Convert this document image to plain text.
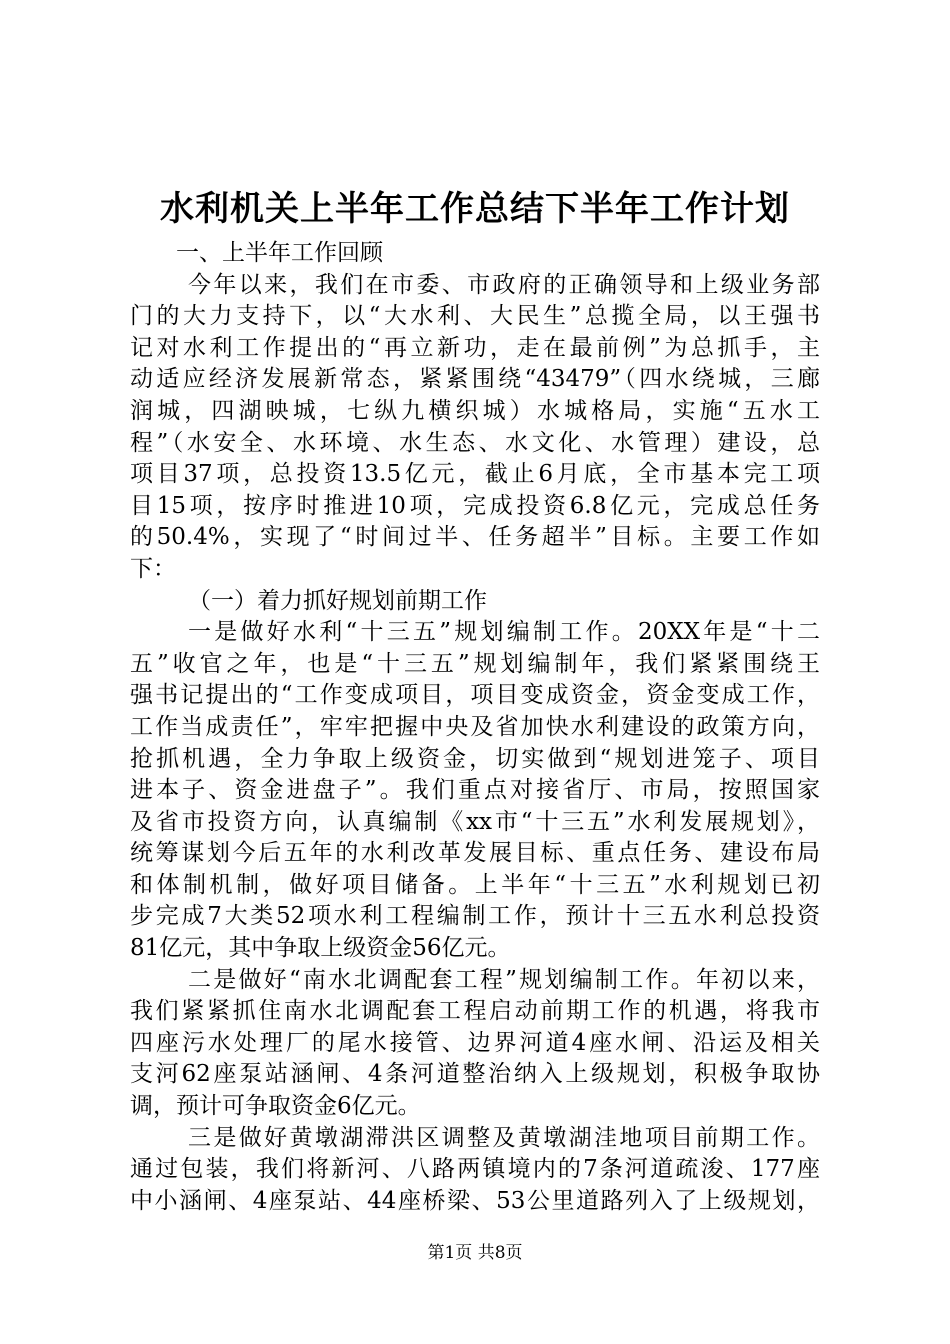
水利机关上半年工作总结下半年工作计划
一、上半年工作回顾
今年以来，我们在市委、市政府的正确领导和上级业务部
门的大力支持下，以“大水利、大民生”总揽全局，以王强书
记对水利工作提出的“再立新功，走在最前例”为总抓手，主
动适应经济发展新常态，紧紧围绕“43479”（四水绕城，三廊
润城，四湖映城，七纵九横织城）水城格局，实施“五水工
程”（水安全、水环境、水生态、水文化、水管理）建设，总
项目37项，总投资13.5亿元，截止6月底，全市基本完工项
目15项，按序时推进10项，完成投资6.8亿元，完成总任务
的50.4%，实现了“时间过半、任务超半”目标。主要工作如
下：
（一）着力抓好规划前期工作
一是做好水利“十三五”规划编制工作。20XX年是“十二
五”收官之年，也是“十三五”规划编制年，我们紧紧围绕王
强书记提出的“工作变成项目，项目变成资金，资金变成工作，
工作当成责任”，牢牢把握中央及省加快水利建设的政策方向，
抢抓机遇，全力争取上级资金，切实做到“规划进笼子、项目
进本子、资金进盘子”。我们重点对接省厅、市局，按照国家
及省市投资方向，认真编制《xx市“十三五”水利发展规划》，
统筹谋划今后五年的水利改革发展目标、重点任务、建设布局
和体制机制，做好项目储备。上半年“十三五”水利规划已初
步完成7大类52项水利工程编制工作，预计十三五水利总投资
81亿元，其中争取上级资金56亿元。
二是做好“南水北调配套工程”规划编制工作。年初以来，
我们紧紧抓住南水北调配套工程启动前期工作的机遇，将我市
四座污水处理厂的尾水接管、边界河道4座水闸、沿运及相关
支河62座泵站涵闸、4条河道整治纳入上级规划，积极争取协
调，预计可争取资金6亿元。
三是做好黄墩湖滞洪区调整及黄墩湖洼地项目前期工作。
通过包装，我们将新河、八路两镇境内的7条河道疏浚、177座
中小涵闸、4座泵站、44座桥梁、53公里道路列入了上级规划，
第1页 共8页
